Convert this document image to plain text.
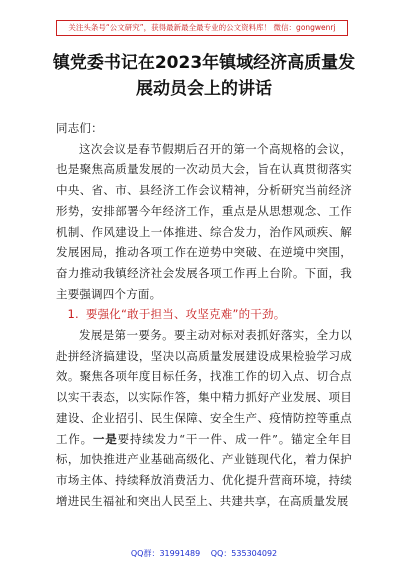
关注头条号“公文研究”，获得最新最全最专业的公文资料库！ 微信：gongwenrj
镇党委书记在2023年镇域经济高质量发
展动员会上的讲话

同志们：

这次会议是春节假期后召开的第一个高规格的会议，也是聚焦高质量发展的一次动员大会，旨在认真贯彻落实中央、省、市、县经济工作会议精神，分析研究当前经济形势，安排部署今年经济工作，重点是从思想观念、工作机制、作风建设上一体推进、综合发力，治作风顽疾、解发展困局，推动各项工作在逆势中突破、在逆境中突围，奋力推动我镇经济社会发展各项工作再上台阶。下面，我主要强调四个方面。

1. 要强化“敢于担当、攻坚克难”的干劲。

发展是第一要务。要主动对标对表抓好落实，全力以赴拼经济搞建设，坚决以高质量发展建设成果检验学习成效。聚焦各项年度目标任务，找准工作的切入点、切合点以实干表态，以实际作答，集中精力抓好产业发展、项目建设、企业招引、民生保障、安全生产、疫情防控等重点工作。一是要持续发力“干一件、成一件”。锚定全年目标，加快推进产业基础高级化、产业链现代化，着力保护市场主体、持续释放消费活力、优化提升营商环境，持续增进民生福祉和突出人民至上、共建共享，在高质量发展

QQ群：31991489 QQ：535304092
